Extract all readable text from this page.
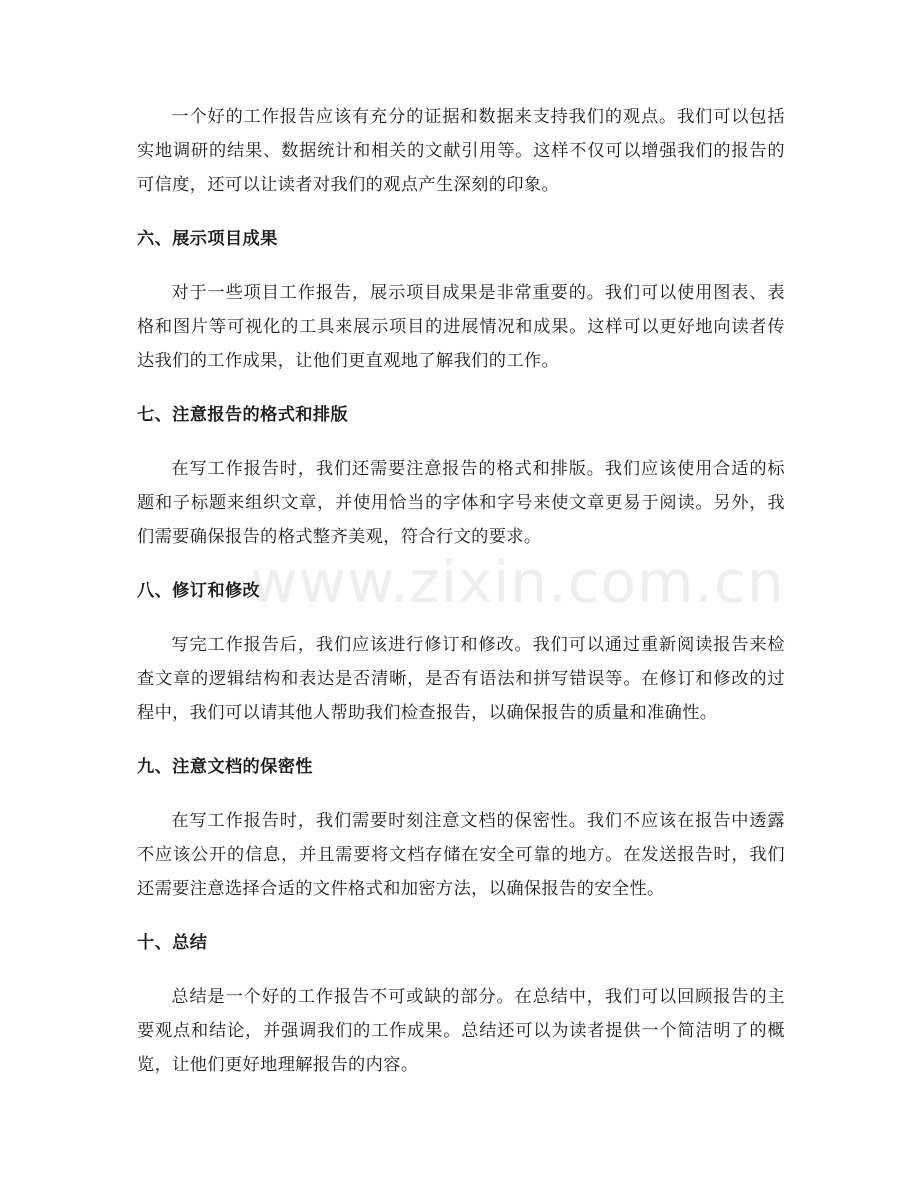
一个好的工作报告应该有充分的证据和数据来支持我们的观点。我们可以包括实地调研的结果、数据统计和相关的文献引用等。这样不仅可以增强我们的报告的可信度，还可以让读者对我们的观点产生深刻的印象。

六、展示项目成果

对于一些项目工作报告，展示项目成果是非常重要的。我们可以使用图表、表格和图片等可视化的工具来展示项目的进展情况和成果。这样可以更好地向读者传达我们的工作成果，让他们更直观地了解我们的工作。

七、注意报告的格式和排版

在写工作报告时，我们还需要注意报告的格式和排版。我们应该使用合适的标题和子标题来组织文章，并使用恰当的字体和字号来使文章更易于阅读。另外，我们需要确保报告的格式整齐美观，符合行文的要求。

八、修订和修改

写完工作报告后，我们应该进行修订和修改。我们可以通过重新阅读报告来检查文章的逻辑结构和表达是否清晰，是否有语法和拼写错误等。在修订和修改的过程中，我们可以请其他人帮助我们检查报告，以确保报告的质量和准确性。

九、注意文档的保密性

在写工作报告时，我们需要时刻注意文档的保密性。我们不应该在报告中透露不应该公开的信息，并且需要将文档存储在安全可靠的地方。在发送报告时，我们还需要注意选择合适的文件格式和加密方法，以确保报告的安全性。

十、总结

总结是一个好的工作报告不可或缺的部分。在总结中，我们可以回顾报告的主要观点和结论，并强调我们的工作成果。总结还可以为读者提供一个简洁明了的概览，让他们更好地理解报告的内容。

www.zixin.com.cn
